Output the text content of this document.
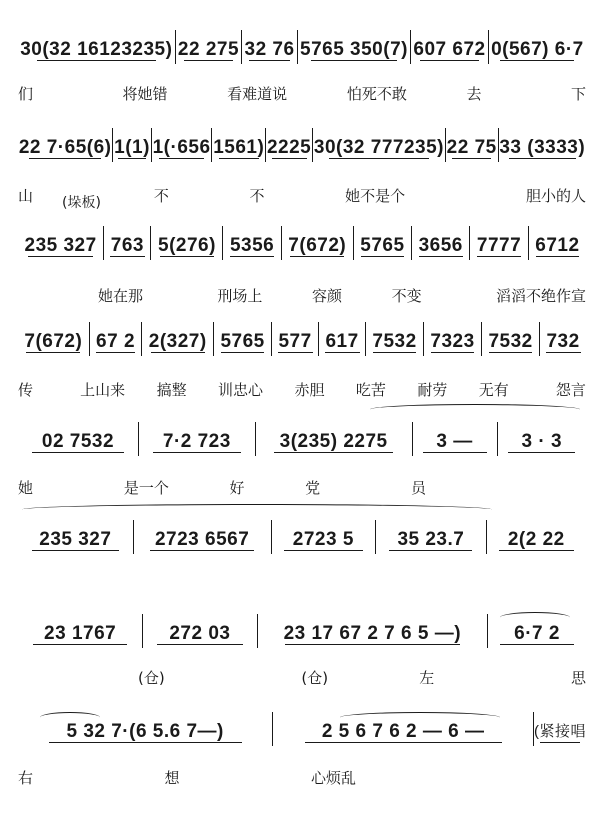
(垛板)
30(32 16123235) 22 275 32 76 5765 350(7) 607 672 0(567) 6·7
们	将她错	看难道说	怕死不敢	去	下
22 7·65(6) 1(1) 1(·656 1561) 2225 30(32 777235) 22 75 33 (3333)
山	不	不	她不是个	胆小的人
235 327 763 5(276) 5356 7(672) 5765 3656 7777 6712
她在那	刑场上	容颜	不变	滔滔不绝作宣
7(672) 67 2 2(327) 5765 577 617 7532 7323 7532 732
传	上山来	搞整	训忠心	赤胆	吃苦	耐劳	无有	怨言
02 7532	7·2 723	3(235) 2275	3 —	3 · 3
她	是一个	好	党	员
235 327	2723 6567	2723 5	35 23.7	2(2 22
23 1767	272 03	23 17 67 2 7 6 5 —)	6·7 2
(仓)	(仓)	左	思
5 32 7·(6 5.6 7—)	2 5 6 7 6 2 — 6 —	(紧接唱
右	想	心烦乱
